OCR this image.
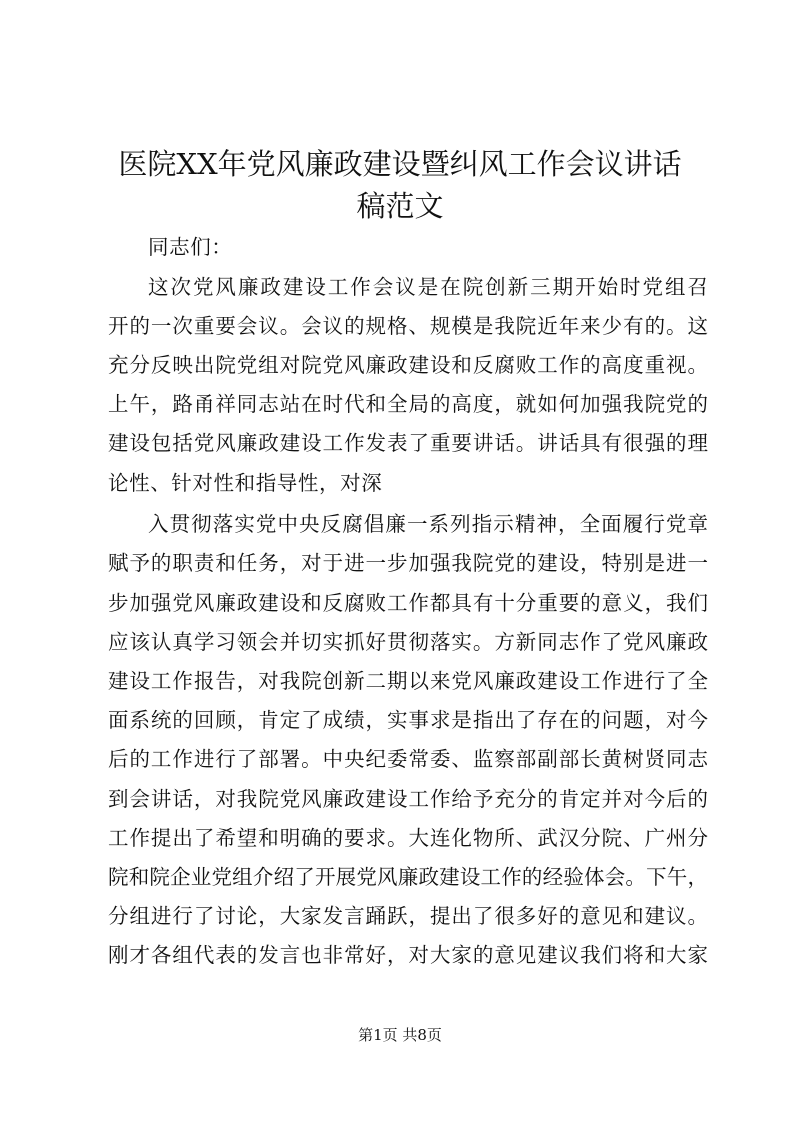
医院XX年党风廉政建设暨纠风工作会议讲话
稿范文
同志们：
这次党风廉政建设工作会议是在院创新三期开始时党组召
开的一次重要会议。会议的规格、规模是我院近年来少有的。这
充分反映出院党组对院党风廉政建设和反腐败工作的高度重视。
上午，路甬祥同志站在时代和全局的高度，就如何加强我院党的
建设包括党风廉政建设工作发表了重要讲话。讲话具有很强的理
论性、针对性和指导性，对深
入贯彻落实党中央反腐倡廉一系列指示精神，全面履行党章
赋予的职责和任务，对于进一步加强我院党的建设，特别是进一
步加强党风廉政建设和反腐败工作都具有十分重要的意义，我们
应该认真学习领会并切实抓好贯彻落实。方新同志作了党风廉政
建设工作报告，对我院创新二期以来党风廉政建设工作进行了全
面系统的回顾，肯定了成绩，实事求是指出了存在的问题，对今
后的工作进行了部署。中央纪委常委、监察部副部长黄树贤同志
到会讲话，对我院党风廉政建设工作给予充分的肯定并对今后的
工作提出了希望和明确的要求。大连化物所、武汉分院、广州分
院和院企业党组介绍了开展党风廉政建设工作的经验体会。下午，
分组进行了讨论，大家发言踊跃，提出了很多好的意见和建议。
刚才各组代表的发言也非常好，对大家的意见建议我们将和大家
第1页 共8页
